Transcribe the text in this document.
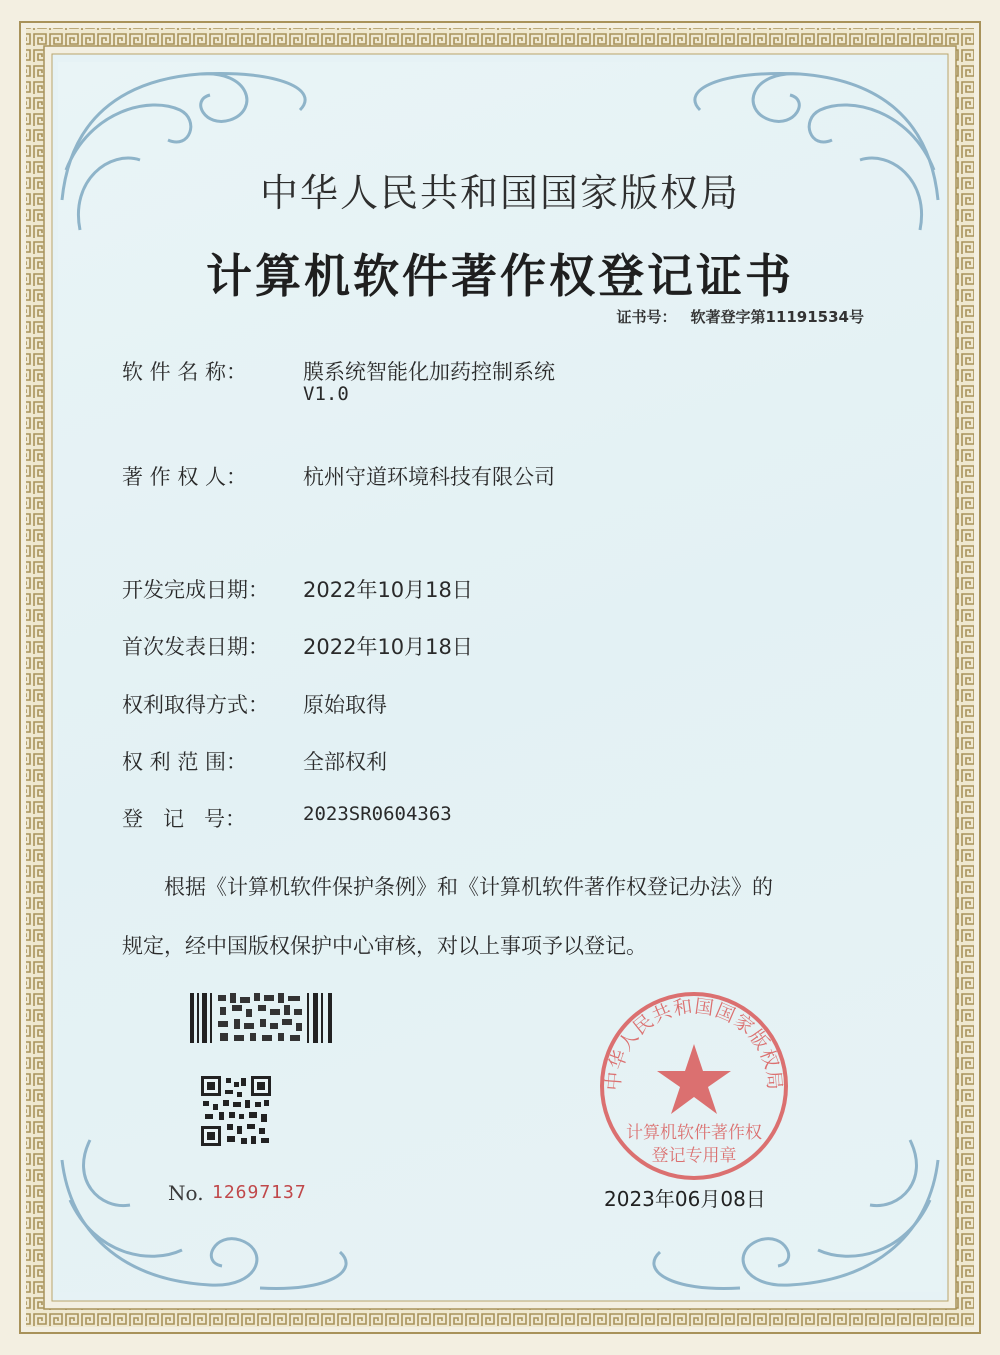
中华人民共和国国家版权局
计算机软件著作权登记证书
证书号： 软著登字第11191534号
软 件 名 称：	膜系统智能化加药控制系统
V1.0
著 作 权 人：	杭州守道环境科技有限公司
开发完成日期： 2022年10月18日
首次发表日期： 2022年10月18日
权利取得方式： 原始取得
权 利 范 围：	全部权利
登   记   号：	2023SR0604363
根据《计算机软件保护条例》和《计算机软件著作权登记办法》的
规定，经中国版权保护中心审核，对以上事项予以登记。
No. 12697137	2023年06月08日
中华人民共和国国家版权局
计算机软件著作权
登记专用章
